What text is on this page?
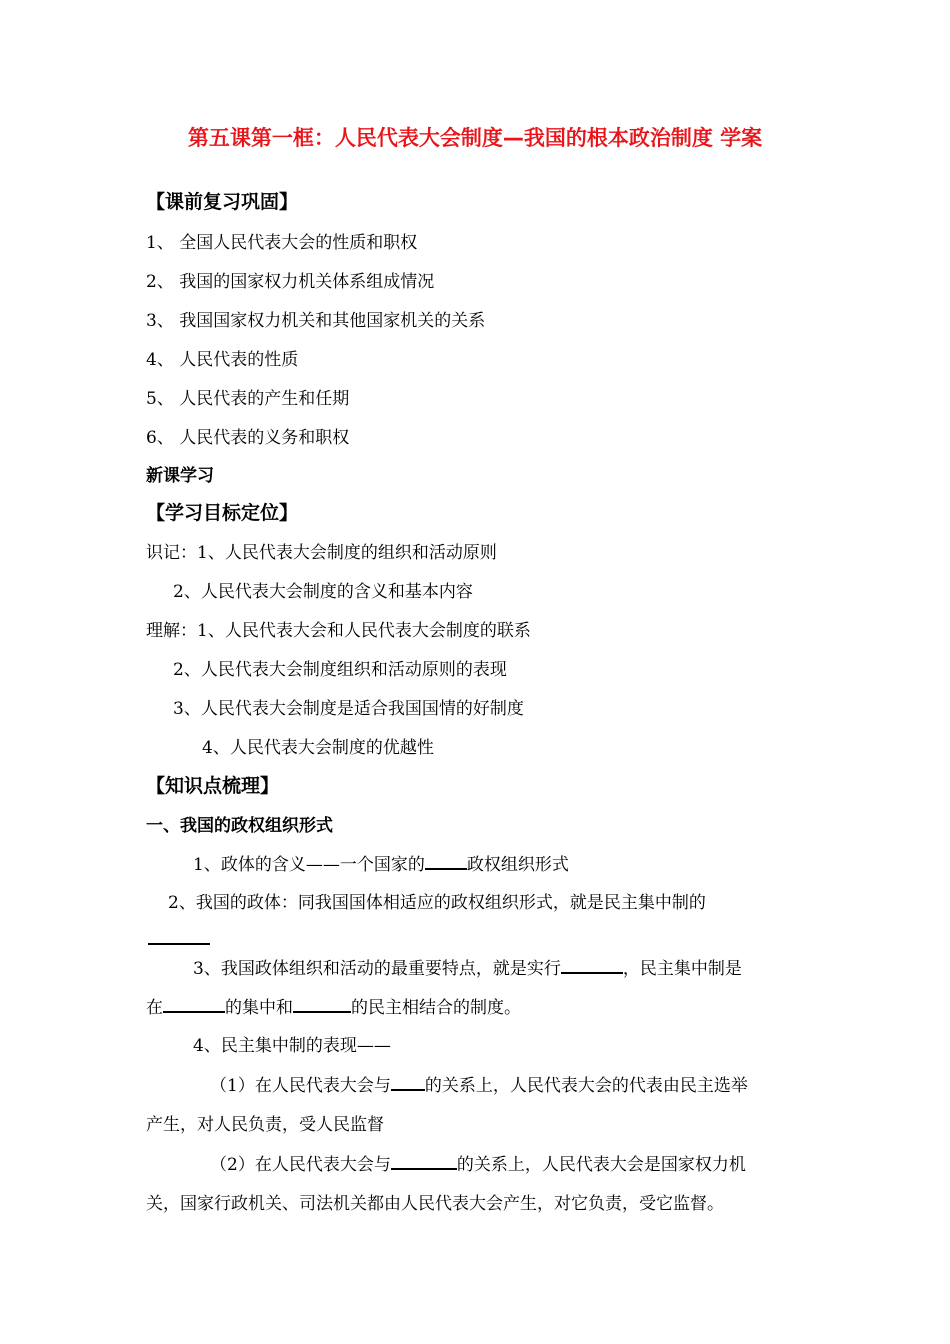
第五课第一框：人民代表大会制度—我国的根本政治制度 学案
【课前复习巩固】
1、 全国人民代表大会的性质和职权
2、 我国的国家权力机关体系组成情况
3、 我国国家权力机关和其他国家机关的关系
4、 人民代表的性质
5、 人民代表的产生和任期
6、 人民代表的义务和职权
新课学习
【学习目标定位】
识记：1、人民代表大会制度的组织和活动原则
2、人民代表大会制度的含义和基本内容
理解：1、人民代表大会和人民代表大会制度的联系
2、人民代表大会制度组织和活动原则的表现
3、人民代表大会制度是适合我国国情的好制度
4、人民代表大会制度的优越性
【知识点梳理】
一、我国的政权组织形式
1、政体的含义——一个国家的 政权组织形式
2、我国的政体：同我国国体相适应的政权组织形式，就是民主集中制的
3、我国政体组织和活动的最重要特点，就是实行	，民主集中制是
在	的集中和	的民主相结合的制度。
4、民主集中制的表现——
（1）在人民代表大会与 的关系上，人民代表大会的代表由民主选举
产生，对人民负责，受人民监督
（2）在人民代表大会与	的关系上，人民代表大会是国家权力机
关，国家行政机关、司法机关都由人民代表大会产生，对它负责，受它监督。
